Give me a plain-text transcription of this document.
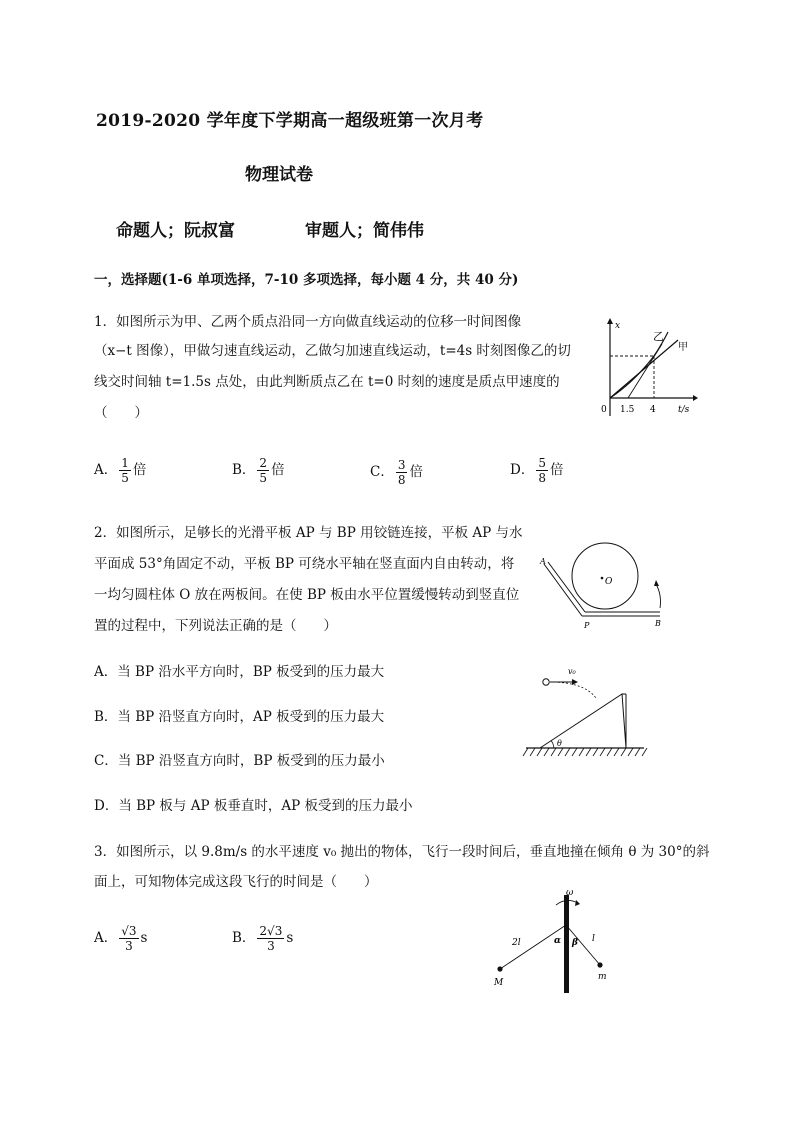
2019-2020 学年度下学期高一超级班第一次月考
物理试卷
命题人；阮叔富	审题人；简伟伟
一，选择题(1-6 单项选择，7-10 多项选择，每小题 4 分，共 40 分)
1．如图所示为甲、乙两个质点沿同一方向做直线运动的位移一时间图像
（x−t 图像），甲做匀速直线运动，乙做匀加速直线运动，t=4s 时刻图像乙的切
线交时间轴 t=1.5s 点处，由此判断质点乙在 t=0 时刻的速度是质点甲速度的
（　　）
A． $\frac{1}{5}$ 倍	B． $\frac{2}{5}$ 倍	C． $\frac{3}{8}$ 倍	D． $\frac{5}{8}$ 倍
x
t/s
0 1.5 4
乙
甲
2．如图所示，足够长的光滑平板 AP 与 BP 用铰链连接，平板 AP 与水
平面成 53°角固定不动，平板 BP 可绕水平轴在竖直面内自由转动，将
一均匀圆柱体 O 放在两板间。在使 BP 板由水平位置缓慢转动到竖直位
置的过程中，下列说法正确的是（　　）
A．当 BP 沿水平方向时，BP 板受到的压力最大
B．当 BP 沿竖直方向时，AP 板受到的压力最大
C．当 BP 沿竖直方向时，BP 板受到的压力最小
D．当 BP 板与 AP 板垂直时，AP 板受到的压力最小
O
A
P	B
θ
v₀
3．如图所示，以 9.8m/s 的水平速度 v₀ 抛出的物体，飞行一段时间后，垂直地撞在倾角 θ 为 30°的斜
面上，可知物体完成这段飞行的时间是（　　）
A． $\frac{√3}{3}$ s	B． $\frac{2√3}{3}$ s
ω
α β
2l	l
M
m
